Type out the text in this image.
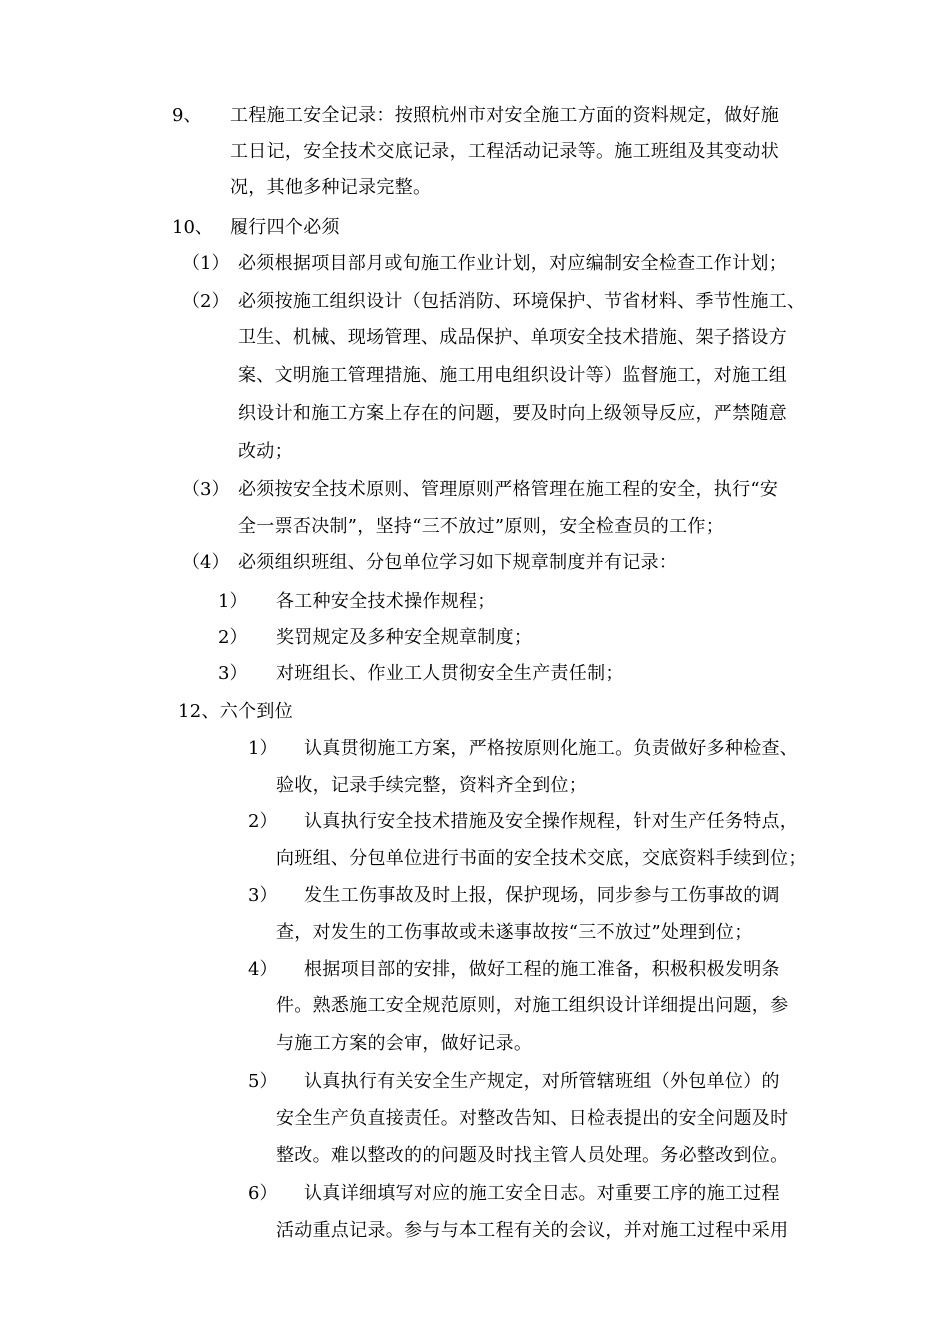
9、 工程施工安全记录：按照杭州市对安全施工方面的资料规定，做好施
工日记，安全技术交底记录，工程活动记录等。施工班组及其变动状
况，其他多种记录完整。
10、 履行四个必须
（1） 必须根据项目部月或旬施工作业计划，对应编制安全检查工作计划；
（2） 必须按施工组织设计（包括消防、环境保护、节省材料、季节性施工、
卫生、机械、现场管理、成品保护、单项安全技术措施、架子搭设方
案、文明施工管理措施、施工用电组织设计等）监督施工，对施工组
织设计和施工方案上存在的问题，要及时向上级领导反应，严禁随意
改动；
（3） 必须按安全技术原则、管理原则严格管理在施工程的安全，执行“安
全一票否决制”，坚持“三不放过”原则，安全检查员的工作；
（4） 必须组织班组、分包单位学习如下规章制度并有记录：
1） 各工种安全技术操作规程；
2） 奖罚规定及多种安全规章制度；
3） 对班组长、作业工人贯彻安全生产责任制；
12、六个到位
1） 认真贯彻施工方案，严格按原则化施工。负责做好多种检查、
验收，记录手续完整，资料齐全到位；
2） 认真执行安全技术措施及安全操作规程，针对生产任务特点，
向班组、分包单位进行书面的安全技术交底，交底资料手续到位；
3） 发生工伤事故及时上报，保护现场，同步参与工伤事故的调
查，对发生的工伤事故或未遂事故按“三不放过”处理到位；
4） 根据项目部的安排，做好工程的施工准备，积极积极发明条
件。熟悉施工安全规范原则，对施工组织设计详细提出问题，参
与施工方案的会审，做好记录。
5） 认真执行有关安全生产规定，对所管辖班组（外包单位）的
安全生产负直接责任。对整改告知、日检表提出的安全问题及时
整改。难以整改的的问题及时找主管人员处理。务必整改到位。
6） 认真详细填写对应的施工安全日志。对重要工序的施工过程
活动重点记录。参与与本工程有关的会议，并对施工过程中采用
